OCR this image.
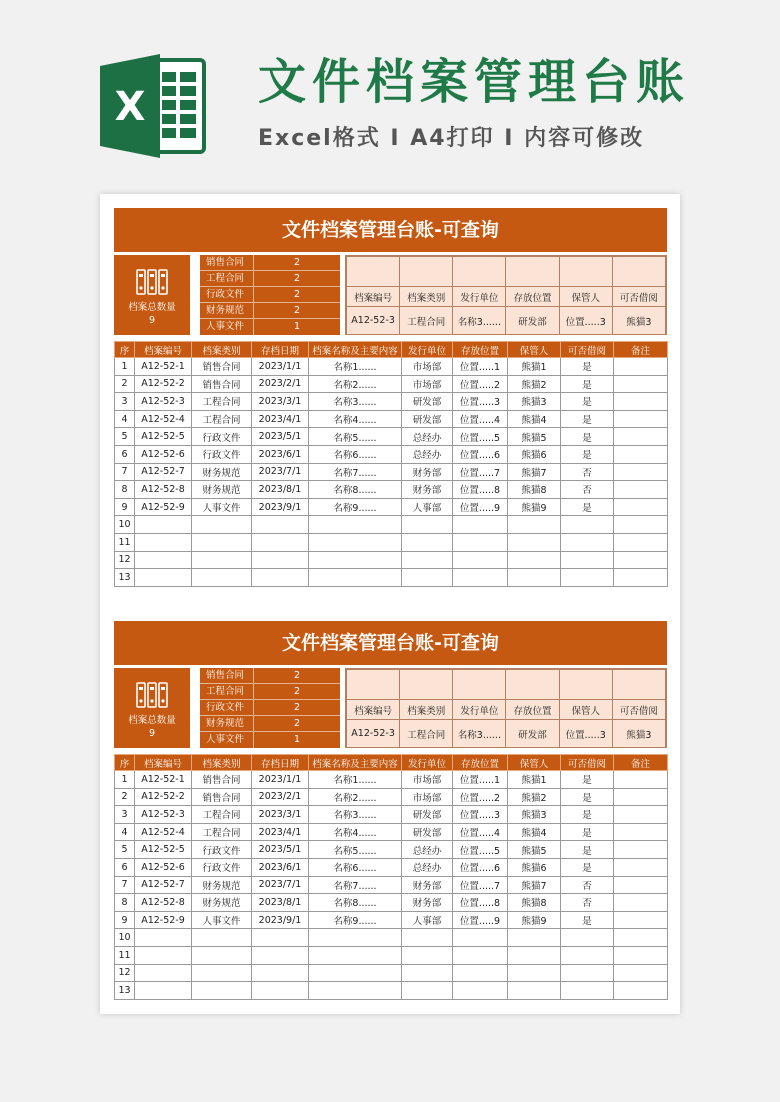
X 文件档案管理台账
Excel格式 I A4打印 I 内容可修改
文件档案管理台账-可查询
档案总数量
9
销售合同	2
工程合同	2
行政文件	2
财务规范	2
人事文件	1

档案编号	档案类别	发行单位	存放位置	保管人	可否借阅
A12-52-3	工程合同	名称3......	研发部	位置.....3	熊猫3
序	档案编号	档案类别	存档日期	档案名称及主要内容	发行单位	存放位置	保管人	可否借阅	备注
1	A12-52-1	销售合同	2023/1/1	名称1......	市场部	位置.....1	熊猫1	是	
2	A12-52-2	销售合同	2023/2/1	名称2......	市场部	位置.....2	熊猫2	是	
3	A12-52-3	工程合同	2023/3/1	名称3......	研发部	位置.....3	熊猫3	是	
4	A12-52-4	工程合同	2023/4/1	名称4......	研发部	位置.....4	熊猫4	是	
5	A12-52-5	行政文件	2023/5/1	名称5......	总经办	位置.....5	熊猫5	是	
6	A12-52-6	行政文件	2023/6/1	名称6......	总经办	位置.....6	熊猫6	是	
7	A12-52-7	财务规范	2023/7/1	名称7......	财务部	位置.....7	熊猫7	否	
8	A12-52-8	财务规范	2023/8/1	名称8......	财务部	位置.....8	熊猫8	否	
9	A12-52-9	人事文件	2023/9/1	名称9......	人事部	位置.....9	熊猫9	是	
10									
11									
12									
13									
文件档案管理台账-可查询
档案总数量
9
销售合同	2
工程合同	2
行政文件	2
财务规范	2
人事文件	1

档案编号	档案类别	发行单位	存放位置	保管人	可否借阅
A12-52-3	工程合同	名称3......	研发部	位置.....3	熊猫3
序	档案编号	档案类别	存档日期	档案名称及主要内容	发行单位	存放位置	保管人	可否借阅	备注
1	A12-52-1	销售合同	2023/1/1	名称1......	市场部	位置.....1	熊猫1	是	
2	A12-52-2	销售合同	2023/2/1	名称2......	市场部	位置.....2	熊猫2	是	
3	A12-52-3	工程合同	2023/3/1	名称3......	研发部	位置.....3	熊猫3	是	
4	A12-52-4	工程合同	2023/4/1	名称4......	研发部	位置.....4	熊猫4	是	
5	A12-52-5	行政文件	2023/5/1	名称5......	总经办	位置.....5	熊猫5	是	
6	A12-52-6	行政文件	2023/6/1	名称6......	总经办	位置.....6	熊猫6	是	
7	A12-52-7	财务规范	2023/7/1	名称7......	财务部	位置.....7	熊猫7	否	
8	A12-52-8	财务规范	2023/8/1	名称8......	财务部	位置.....8	熊猫8	否	
9	A12-52-9	人事文件	2023/9/1	名称9......	人事部	位置.....9	熊猫9	是	
10									
11									
12									
13									
